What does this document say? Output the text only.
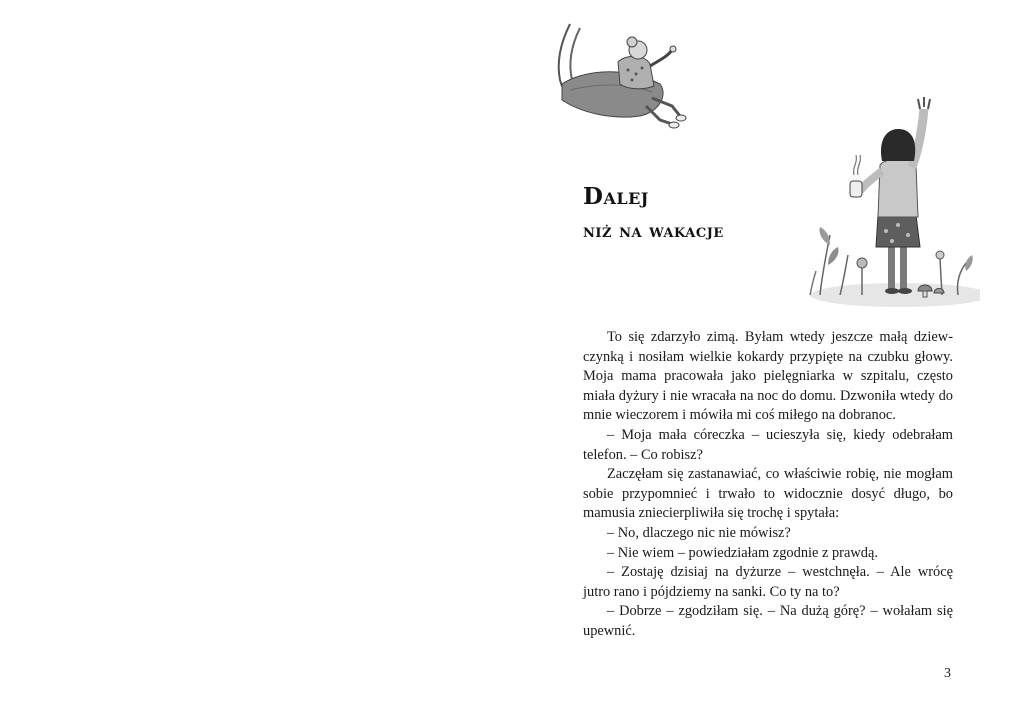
Dalej
niż na wakacje

To się zdarzyło zimą. Byłam wtedy jeszcze małą dziewczynką i nosiłam wielkie kokardy przypięte na czubku głowy. Moja mama pracowała jako pielęgniarka w szpitalu, często miała dyżury i nie wracała na noc do domu. Dzwoniła wtedy do mnie wieczorem i mówiła mi coś miłego na dobranoc.

– Moja mała córeczka – ucieszyła się, kiedy odebrałam telefon. – Co robisz?

Zaczęłam się zastanawiać, co właściwie robię, nie mogłam sobie przypomnieć i trwało to widocznie dosyć długo, bo mamusia zniecierpliwiła się trochę i spytała:

– No, dlaczego nic nie mówisz?

– Nie wiem – powiedziałam zgodnie z prawdą.

– Zostaję dzisiaj na dyżurze – westchnęła. – Ale wrócę jutro rano i pójdziemy na sanki. Co ty na to?

– Dobrze – zgodziłam się. – Na dużą górę? – wołałam się upewnić.

3
